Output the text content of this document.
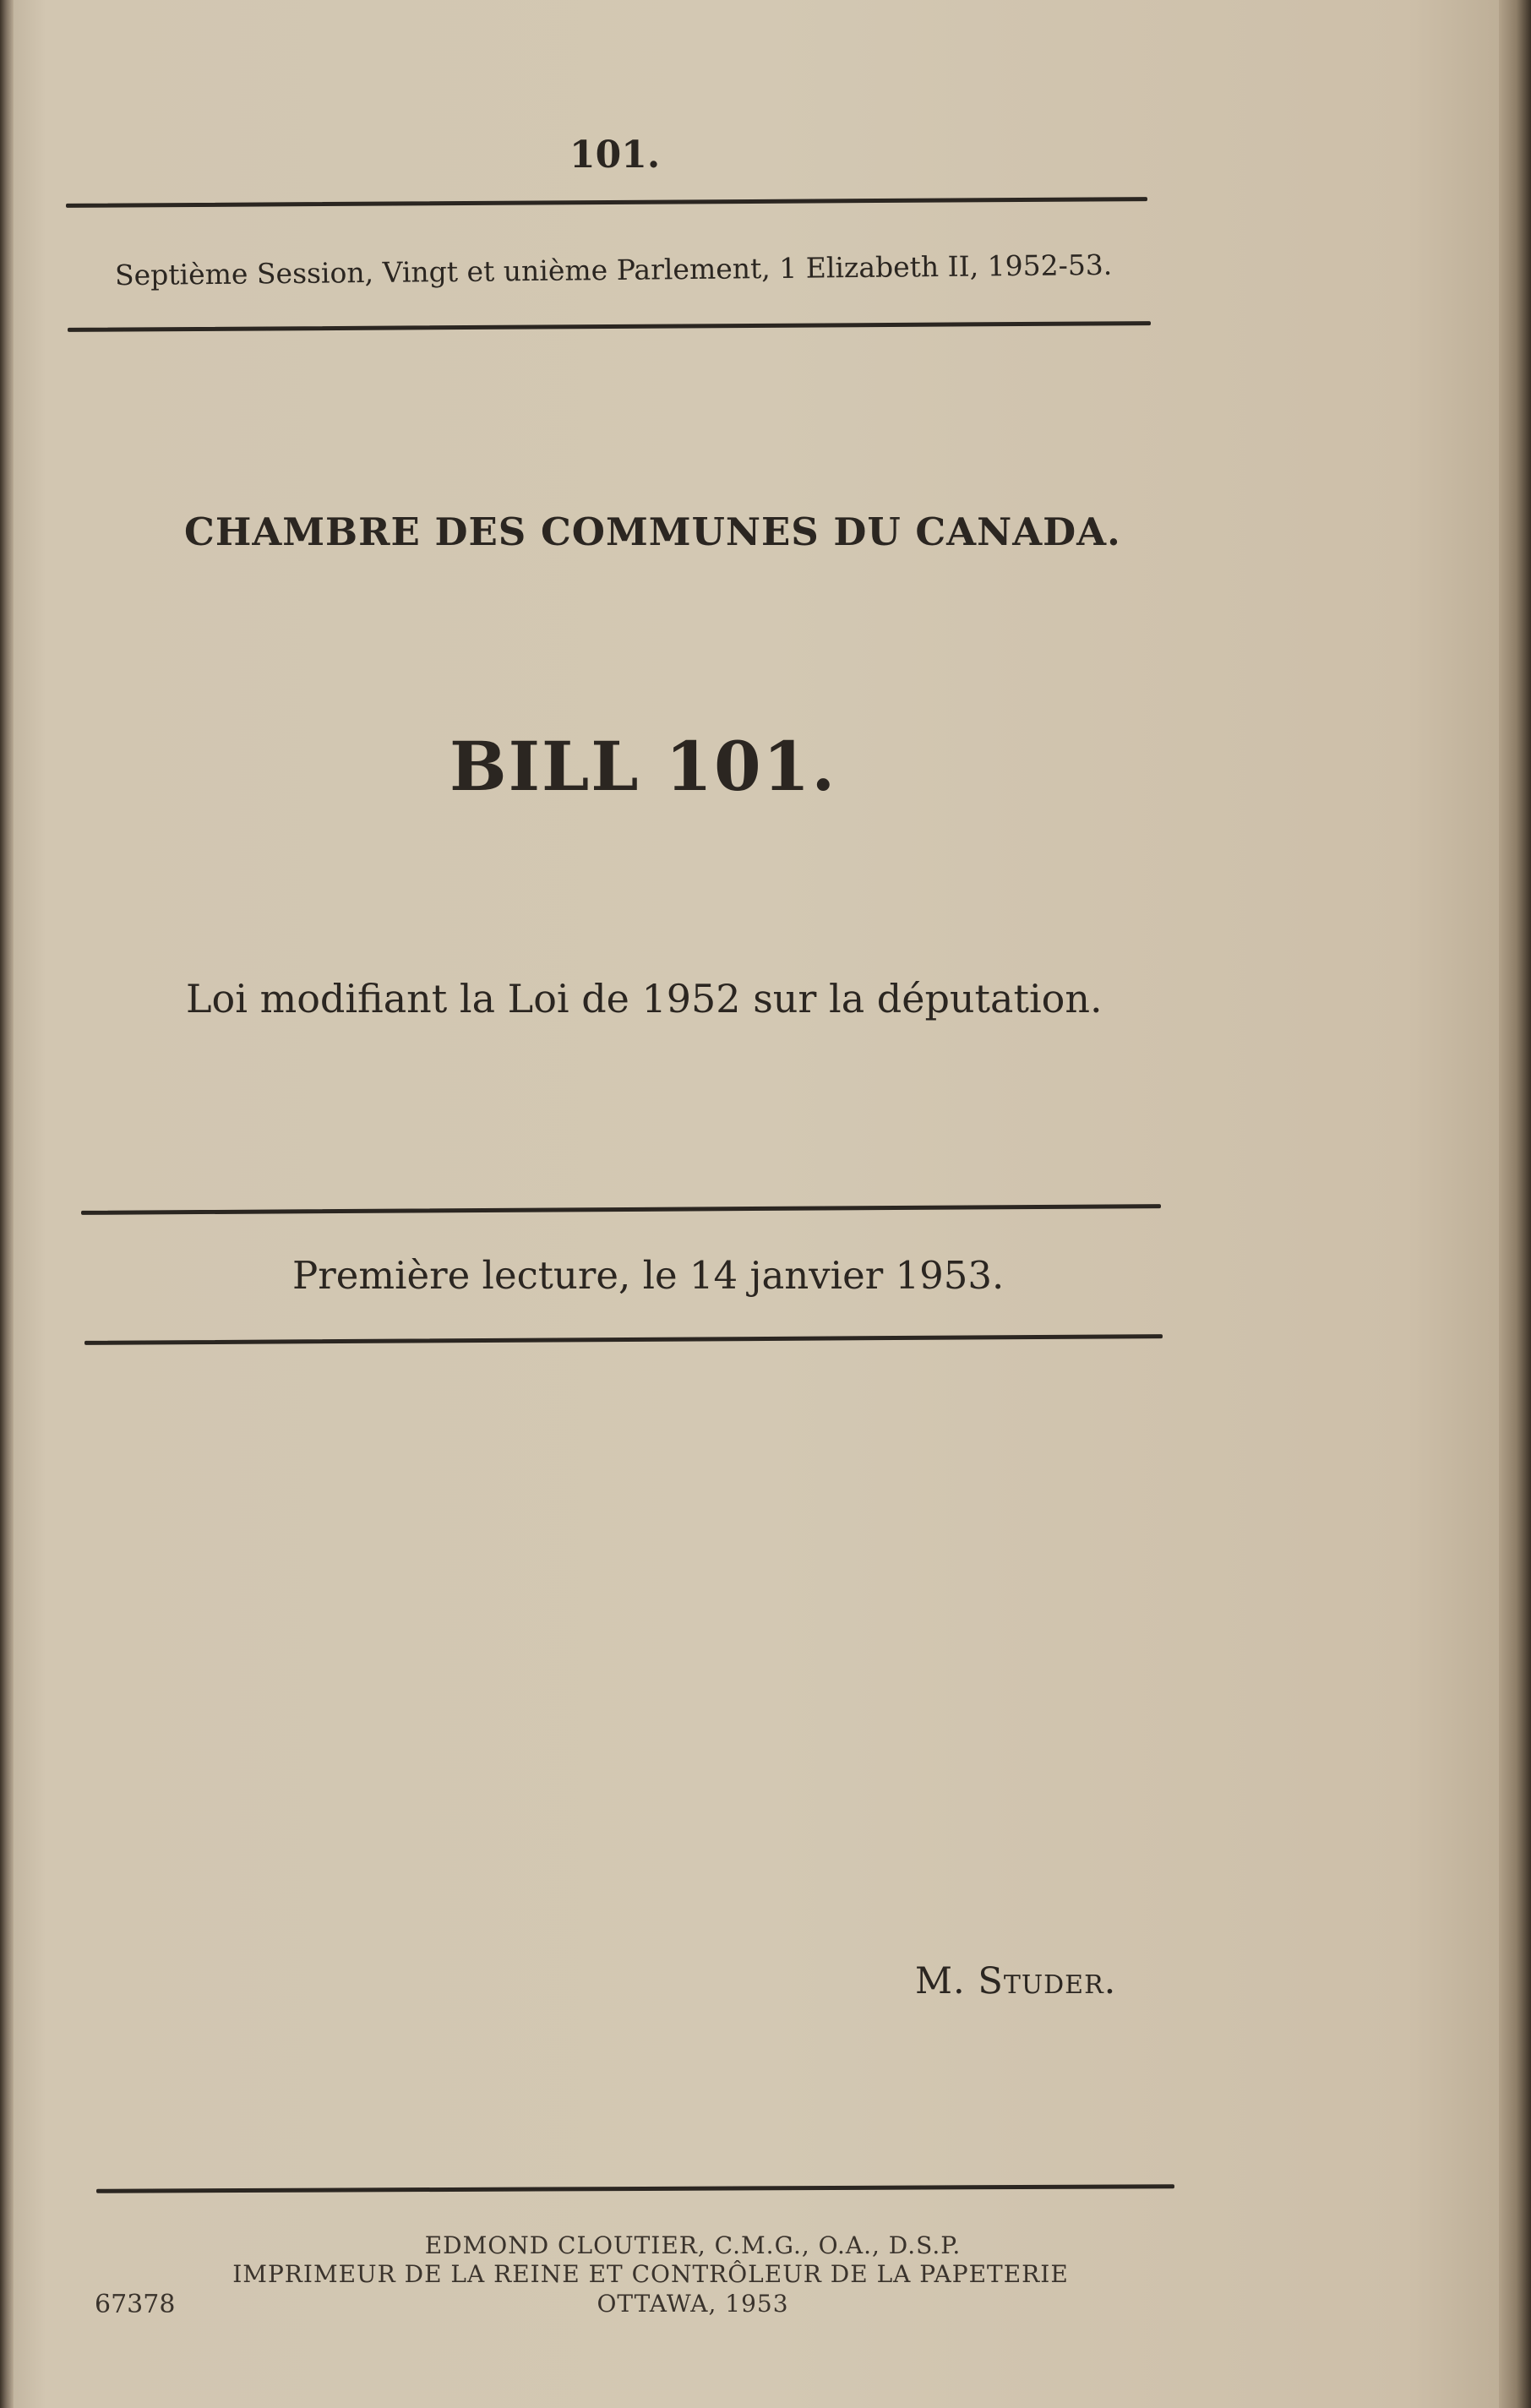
101.
Septième Session, Vingt et unième Parlement, 1 Elizabeth II, 1952-53.
CHAMBRE DES COMMUNES DU CANADA.
BILL 101.
Loi modifiant la Loi de 1952 sur la députation.
Première lecture, le 14 janvier 1953.
M. Studer.
EDMOND CLOUTIER, C.M.G., O.A., D.S.P.
IMPRIMEUR DE LA REINE ET CONTRÔLEUR DE LA PAPETERIE
OTTAWA, 1953
67378
